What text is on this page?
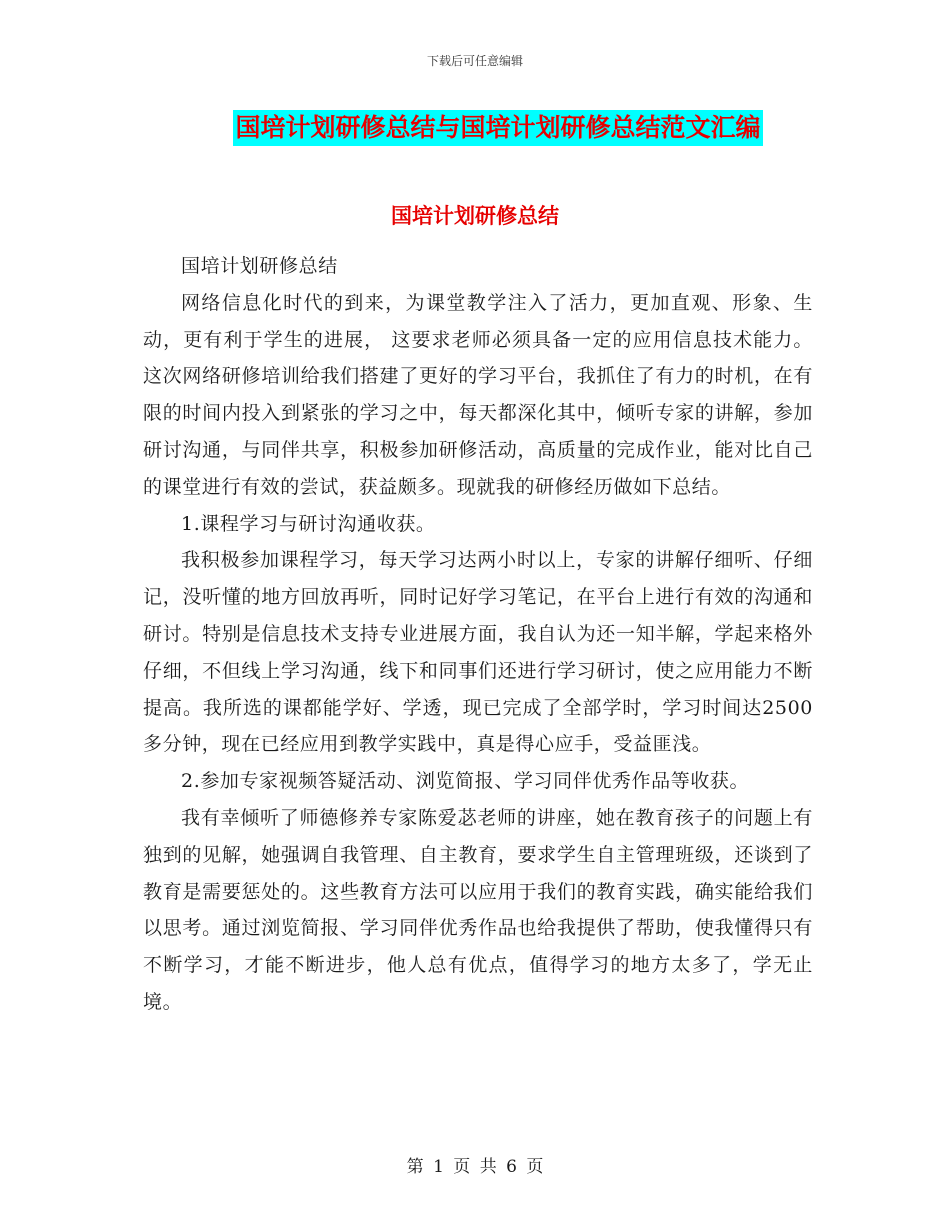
下载后可任意编辑
国培计划研修总结与国培计划研修总结范文汇编
国培计划研修总结

国培计划研修总结

网络信息化时代的到来，为课堂教学注入了活力，更加直观、形象、生动，更有利于学生的进展， 这要求老师必须具备一定的应用信息技术能力。这次网络研修培训给我们搭建了更好的学习平台，我抓住了有力的时机，在有限的时间内投入到紧张的学习之中，每天都深化其中，倾听专家的讲解，参加研讨沟通，与同伴共享，积极参加研修活动，高质量的完成作业，能对比自己的课堂进行有效的尝试，获益颇多。现就我的研修经历做如下总结。

1.课程学习与研讨沟通收获。

我积极参加课程学习，每天学习达两小时以上，专家的讲解仔细听、仔细记，没听懂的地方回放再听，同时记好学习笔记，在平台上进行有效的沟通和研讨。特别是信息技术支持专业进展方面，我自认为还一知半解，学起来格外仔细，不但线上学习沟通，线下和同事们还进行学习研讨，使之应用能力不断提高。我所选的课都能学好、学透，现已完成了全部学时，学习时间达2500多分钟，现在已经应用到教学实践中，真是得心应手，受益匪浅。

2.参加专家视频答疑活动、浏览简报、学习同伴优秀作品等收获。

我有幸倾听了师德修养专家陈爱苾老师的讲座，她在教育孩子的问题上有独到的见解，她强调自我管理、自主教育，要求学生自主管理班级，还谈到了教育是需要惩处的。这些教育方法可以应用于我们的教育实践，确实能给我们以思考。通过浏览简报、学习同伴优秀作品也给我提供了帮助，使我懂得只有不断学习，才能不断进步，他人总有优点，值得学习的地方太多了，学无止境。

第 1 页 共 6 页
